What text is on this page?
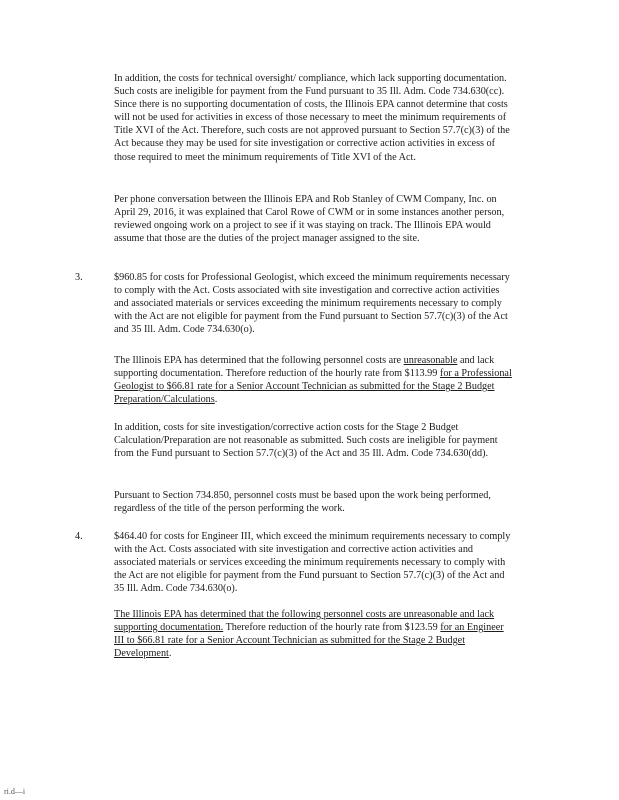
In addition, the costs for technical oversight/ compliance, which lack supporting documentation. Such costs are ineligible for payment from the Fund pursuant to 35 Ill. Adm. Code 734.630(cc). Since there is no supporting documentation of costs, the Illinois EPA cannot determine that costs will not be used for activities in excess of those necessary to meet the minimum requirements of Title XVI of the Act. Therefore, such costs are not approved pursuant to Section 57.7(c)(3) of the Act because they may be used for site investigation or corrective action activities in excess of those required to meet the minimum requirements of Title XVI of the Act.

Per phone conversation between the Illinois EPA and Rob Stanley of CWM Company, Inc. on April 29, 2016, it was explained that Carol Rowe of CWM or in some instances another person, reviewed ongoing work on a project to see if it was staying on track. The Illinois EPA would assume that those are the duties of the project manager assigned to the site.

3.	$960.85 for costs for Professional Geologist, which exceed the minimum requirements necessary to comply with the Act. Costs associated with site investigation and corrective action activities and associated materials or services exceeding the minimum requirements necessary to comply with the Act are not eligible for payment from the Fund pursuant to Section 57.7(c)(3) of the Act and 35 Ill. Adm. Code 734.630(o).

The Illinois EPA has determined that the following personnel costs are unreasonable and lack supporting documentation. Therefore reduction of the hourly rate from $113.99 for a Professional Geologist to $66.81 rate for a Senior Account Technician as submitted for the Stage 2 Budget Preparation/Calculations.

In addition, costs for site investigation/corrective action costs for the Stage 2 Budget Calculation/Preparation are not reasonable as submitted. Such costs are ineligible for payment from the Fund pursuant to Section 57.7(c)(3) of the Act and 35 Ill. Adm. Code 734.630(dd).

Pursuant to Section 734.850, personnel costs must be based upon the work being performed, regardless of the title of the person performing the work.

4.	$464.40 for costs for Engineer III, which exceed the minimum requirements necessary to comply with the Act. Costs associated with site investigation and corrective action activities and associated materials or services exceeding the minimum requirements necessary to comply with the Act are not eligible for payment from the Fund pursuant to Section 57.7(c)(3) of the Act and 35 Ill. Adm. Code 734.630(o).

The Illinois EPA has determined that the following personnel costs are unreasonable and lack supporting documentation. Therefore reduction of the hourly rate from $123.59 for an Engineer III to $66.81 rate for a Senior Account Technician as submitted for the Stage 2 Budget Development.

ri.d—i
